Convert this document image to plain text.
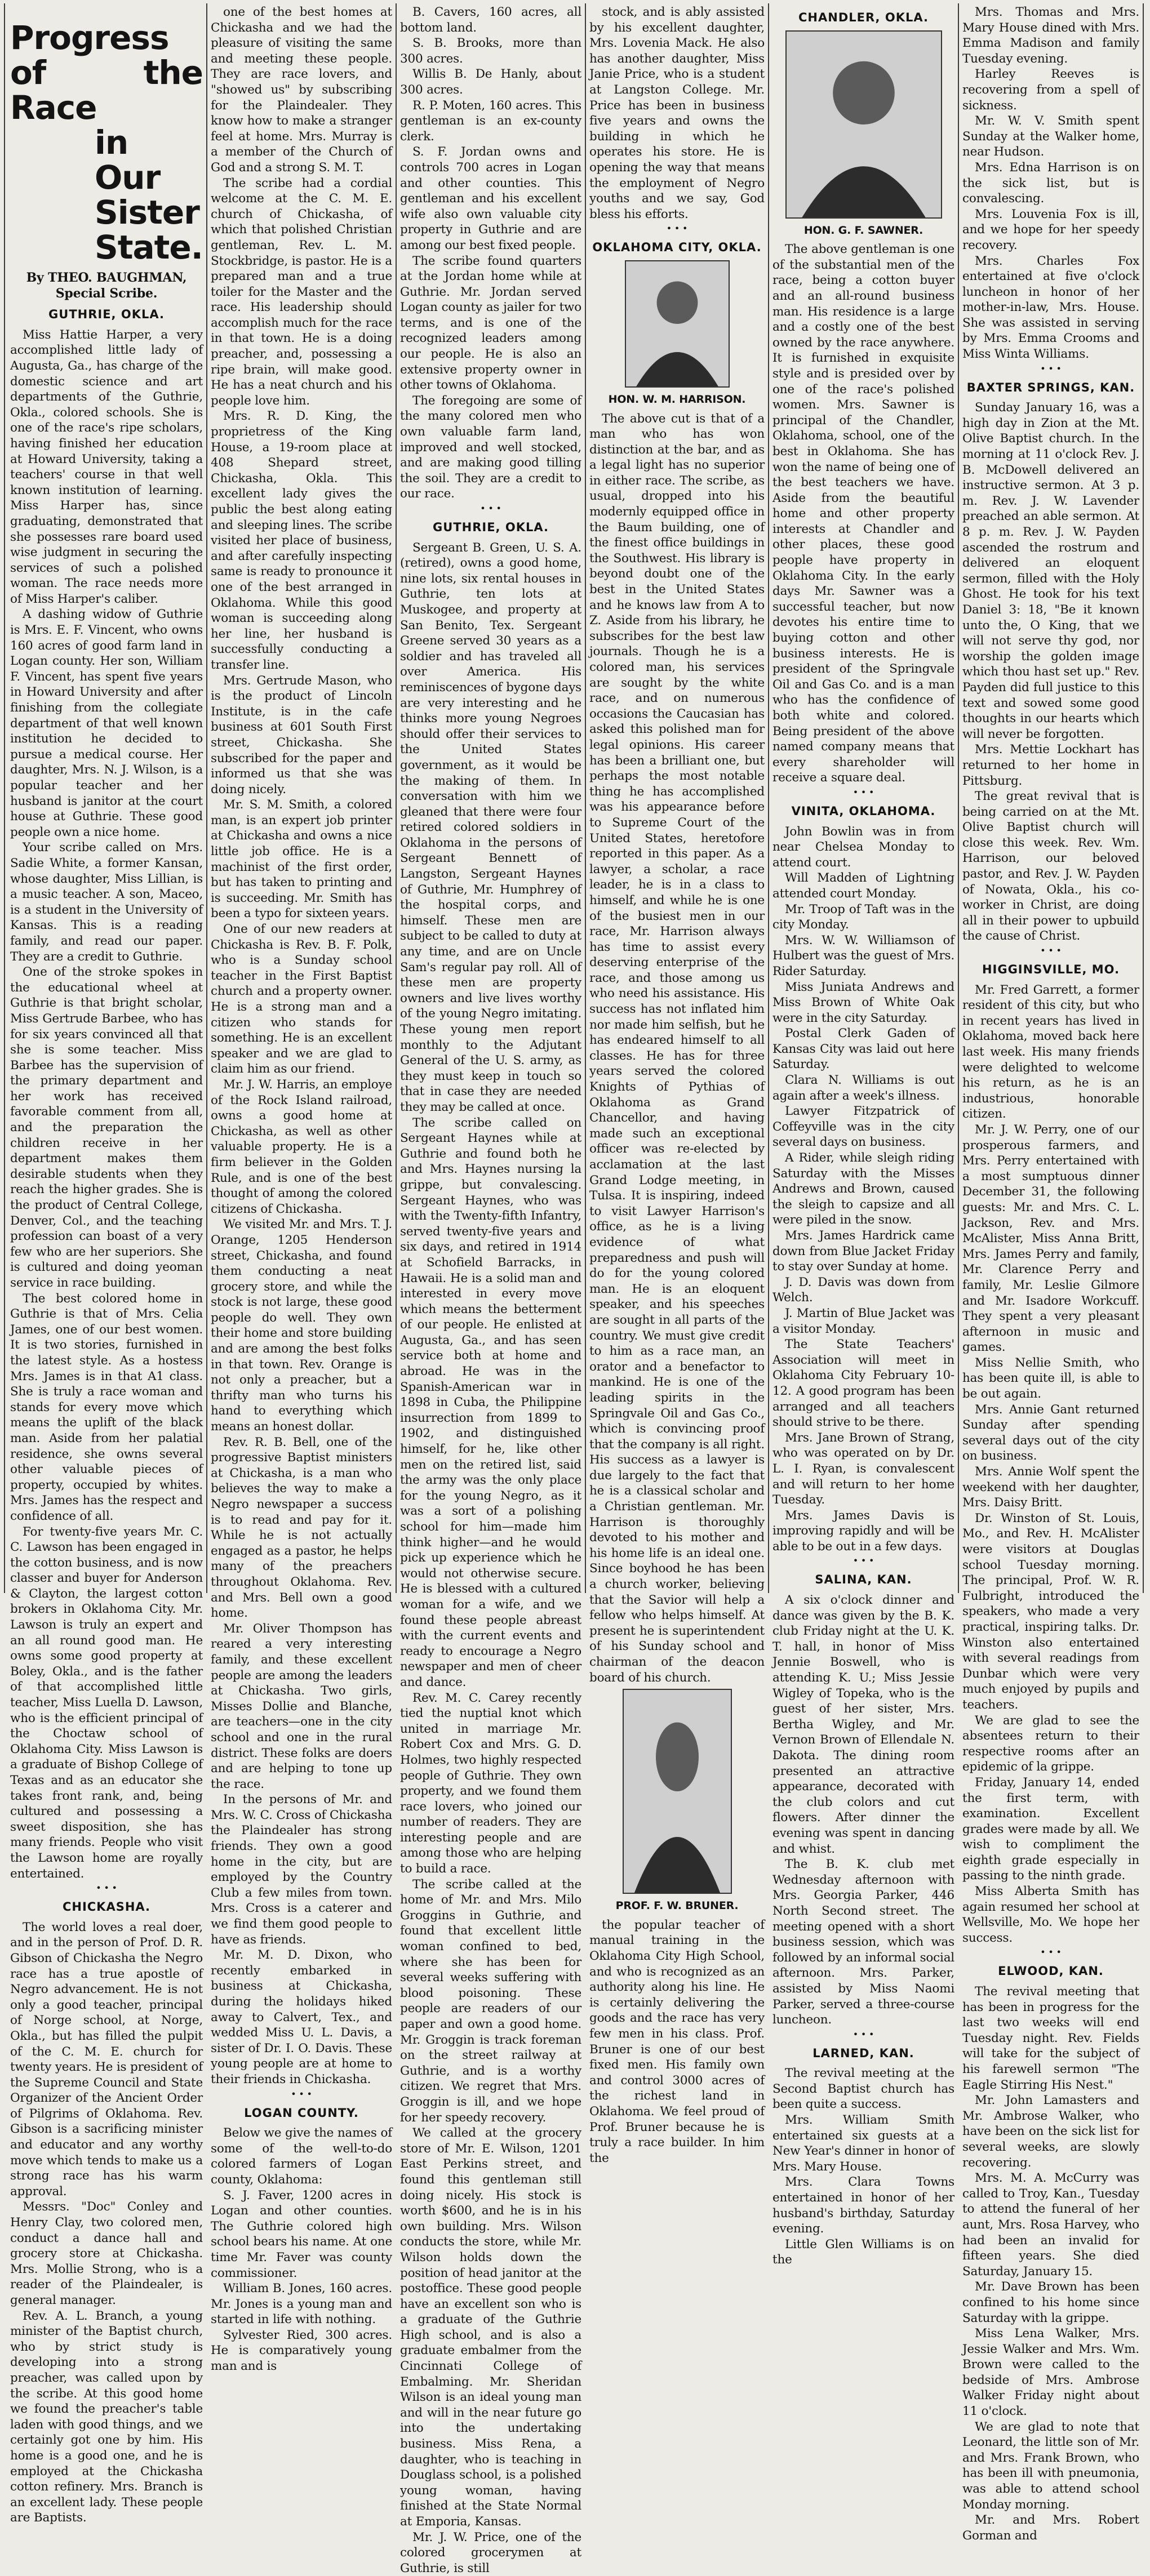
Progress of the Race
in Our Sister State.
By THEO. BAUGHMAN, Special Scribe.
GUTHRIE, OKLA.

Miss Hattie Harper, a very accomplished little lady of Augusta, Ga., has charge of the domestic science and art departments of the Guthrie, Okla., colored schools. She is one of the race's ripe scholars, having finished her education at Howard University, taking a teachers' course in that well known institution of learning. Miss Harper has, since graduating, demonstrated that she possesses rare board used wise judgment in securing the services of such a polished woman. The race needs more of Miss Harper's caliber.

A dashing widow of Guthrie is Mrs. E. F. Vincent, who owns 160 acres of good farm land in Logan county. Her son, William F. Vincent, has spent five years in Howard University and after finishing from the collegiate department of that well known institution he decided to pursue a medical course. Her daughter, Mrs. N. J. Wilson, is a popular teacher and her husband is janitor at the court house at Guthrie. These good people own a nice home.

Your scribe called on Mrs. Sadie White, a former Kansan, whose daughter, Miss Lillian, is a music teacher. A son, Maceo, is a student in the University of Kansas. This is a reading family, and read our paper. They are a credit to Guthrie.

One of the stroke spokes in the educational wheel at Guthrie is that bright scholar, Miss Gertrude Barbee, who has for six years convinced all that she is some teacher. Miss Barbee has the supervision of the primary department and her work has received favorable comment from all, and the preparation the children receive in her department makes them desirable students when they reach the higher grades. She is the product of Central College, Denver, Col., and the teaching profession can boast of a very few who are her superiors. She is cultured and doing yeoman service in race building.

The best colored home in Guthrie is that of Mrs. Celia James, one of our best women. It is two stories, furnished in the latest style. As a hostess Mrs. James is in that A1 class. She is truly a race woman and stands for every move which means the uplift of the black man. Aside from her palatial residence, she owns several other valuable pieces of property, occupied by whites. Mrs. James has the respect and confidence of all.

For twenty-five years Mr. C. C. Lawson has been engaged in the cotton business, and is now classer and buyer for Anderson & Clayton, the largest cotton brokers in Oklahoma City. Mr. Lawson is truly an expert and an all round good man. He owns some good property at Boley, Okla., and is the father of that accomplished little teacher, Miss Luella D. Lawson, who is the efficient principal of the Choctaw school of Oklahoma City. Miss Lawson is a graduate of Bishop College of Texas and as an educator she takes front rank, and, being cultured and possessing a sweet disposition, she has many friends. People who visit the Lawson home are royally entertained.

• • •
CHICKASHA.

The world loves a real doer, and in the person of Prof. D. R. Gibson of Chickasha the Negro race has a true apostle of Negro advancement. He is not only a good teacher, principal of Norge school, at Norge, Okla., but has filled the pulpit of the C. M. E. church for twenty years. He is president of the Supreme Council and State Organizer of the Ancient Order of Pilgrims of Oklahoma. Rev. Gibson is a sacrificing minister and educator and any worthy move which tends to make us a strong race has his warm approval.

Messrs. "Doc" Conley and Henry Clay, two colored men, conduct a dance hall and grocery store at Chickasha. Mrs. Mollie Strong, who is a reader of the Plaindealer, is general manager.

Rev. A. L. Branch, a young minister of the Baptist church, who by strict study is developing into a strong preacher, was called upon by the scribe. At this good home we found the preacher's table laden with good things, and we certainly got one by him. His home is a good one, and he is employed at the Chickasha cotton refinery. Mrs. Branch is an excellent lady. These people are Baptists.

one of the best homes at Chickasha and we had the pleasure of visiting the same and meeting these people. They are race lovers, and "showed us" by subscribing for the Plaindealer. They know how to make a stranger feel at home. Mrs. Murray is a member of the Church of God and a strong S. M. T.

The scribe had a cordial welcome at the C. M. E. church of Chickasha, of which that polished Christian gentleman, Rev. L. M. Stockbridge, is pastor. He is a prepared man and a true toiler for the Master and the race. His leadership should accomplish much for the race in that town. He is a doing preacher, and, possessing a ripe brain, will make good. He has a neat church and his people love him.

Mrs. R. D. King, the proprietress of the King House, a 19-room place at 408 Shepard street, Chickasha, Okla. This excellent lady gives the public the best along eating and sleeping lines. The scribe visited her place of business, and after carefully inspecting same is ready to pronounce it one of the best arranged in Oklahoma. While this good woman is succeeding along her line, her husband is successfully conducting a transfer line.

Mrs. Gertrude Mason, who is the product of Lincoln Institute, is in the cafe business at 601 South First street, Chickasha. She subscribed for the paper and informed us that she was doing nicely.

Mr. S. M. Smith, a colored man, is an expert job printer at Chickasha and owns a nice little job office. He is a machinist of the first order, but has taken to printing and is succeeding. Mr. Smith has been a typo for sixteen years.

One of our new readers at Chickasha is Rev. B. F. Polk, who is a Sunday school teacher in the First Baptist church and a property owner. He is a strong man and a citizen who stands for something. He is an excellent speaker and we are glad to claim him as our friend.

Mr. J. W. Harris, an employe of the Rock Island railroad, owns a good home at Chickasha, as well as other valuable property. He is a firm believer in the Golden Rule, and is one of the best thought of among the colored citizens of Chickasha.

We visited Mr. and Mrs. T. J. Orange, 1205 Henderson street, Chickasha, and found them conducting a neat grocery store, and while the stock is not large, these good people do well. They own their home and store building and are among the best folks in that town. Rev. Orange is not only a preacher, but a thrifty man who turns his hand to everything which means an honest dollar.

Rev. R. B. Bell, one of the progressive Baptist ministers at Chickasha, is a man who believes the way to make a Negro newspaper a success is to read and pay for it. While he is not actually engaged as a pastor, he helps many of the preachers throughout Oklahoma. Rev. and Mrs. Bell own a good home.

Mr. Oliver Thompson has reared a very interesting family, and these excellent people are among the leaders at Chickasha. Two girls, Misses Dollie and Blanche, are teachers—one in the city school and one in the rural district. These folks are doers and are helping to tone up the race.

In the persons of Mr. and Mrs. W. C. Cross of Chickasha the Plaindealer has strong friends. They own a good home in the city, but are employed by the Country Club a few miles from town. Mrs. Cross is a caterer and we find them good people to have as friends.

Mr. M. D. Dixon, who recently embarked in business at Chickasha, during the holidays hiked away to Calvert, Tex., and wedded Miss U. L. Davis, a sister of Dr. I. O. Davis. These young people are at home to their friends in Chickasha.

• • •
LOGAN COUNTY.

Below we give the names of some of the well-to-do colored farmers of Logan county, Oklahoma:

S. J. Faver, 1200 acres in Logan and other counties. The Guthrie colored high school bears his name. At one time Mr. Faver was county commissioner.

William B. Jones, 160 acres. Mr. Jones is a young man and started in life with nothing.

Sylvester Ried, 300 acres. He is comparatively young man and is

B. Cavers, 160 acres, all bottom land.

S. B. Brooks, more than 300 acres.

Willis B. De Hanly, about 300 acres.

R. P. Moten, 160 acres. This gentleman is an ex-county clerk.

S. F. Jordan owns and controls 700 acres in Logan and other counties. This gentleman and his excellent wife also own valuable city property in Guthrie and are among our best fixed people.

The scribe found quarters at the Jordan home while at Guthrie. Mr. Jordan served Logan county as jailer for two terms, and is one of the recognized leaders among our people. He is also an extensive property owner in other towns of Oklahoma.

The foregoing are some of the many colored men who own valuable farm land, improved and well stocked, and are making good tilling the soil. They are a credit to our race.

• • •
GUTHRIE, OKLA.

Sergeant B. Green, U. S. A. (retired), owns a good home, nine lots, six rental houses in Guthrie, ten lots at Muskogee, and property at San Benito, Tex. Sergeant Greene served 30 years as a soldier and has traveled all over America. His reminiscences of bygone days are very interesting and he thinks more young Negroes should offer their services to the United States government, as it would be the making of them. In conversation with him we gleaned that there were four retired colored soldiers in Oklahoma in the persons of Sergeant Bennett of Langston, Sergeant Haynes of Guthrie, Mr. Humphrey of the hospital corps, and himself. These men are subject to be called to duty at any time, and are on Uncle Sam's regular pay roll. All of these men are property owners and live lives worthy of the young Negro imitating. These young men report monthly to the Adjutant General of the U. S. army, as they must keep in touch so that in case they are needed they may be called at once.

The scribe called on Sergeant Haynes while at Guthrie and found both he and Mrs. Haynes nursing la grippe, but convalescing. Sergeant Haynes, who was with the Twenty-fifth Infantry, served twenty-five years and six days, and retired in 1914 at Schofield Barracks, in Hawaii. He is a solid man and interested in every move which means the betterment of our people. He enlisted at Augusta, Ga., and has seen service both at home and abroad. He was in the Spanish-American war in 1898 in Cuba, the Philippine insurrection from 1899 to 1902, and distinguished himself, for he, like other men on the retired list, said the army was the only place for the young Negro, as it was a sort of a polishing school for him—made him think higher—and he would pick up experience which he would not otherwise secure. He is blessed with a cultured woman for a wife, and we found these people abreast with the current events and ready to encourage a Negro newspaper and men of cheer and dance.

Rev. M. C. Carey recently tied the nuptial knot which united in marriage Mr. Robert Cox and Mrs. G. D. Holmes, two highly respected people of Guthrie. They own property, and we found them race lovers, who joined our number of readers. They are interesting people and are among those who are helping to build a race.

The scribe called at the home of Mr. and Mrs. Milo Groggins in Guthrie, and found that excellent little woman confined to bed, where she has been for several weeks suffering with blood poisoning. These people are readers of our paper and own a good home. Mr. Groggin is track foreman on the street railway at Guthrie, and is a worthy citizen. We regret that Mrs. Groggin is ill, and we hope for her speedy recovery.

We called at the grocery store of Mr. E. Wilson, 1201 East Perkins street, and found this gentleman still doing nicely. His stock is worth $600, and he is in his own building. Mrs. Wilson conducts the store, while Mr. Wilson holds down the position of head janitor at the postoffice. These good people have an excellent son who is a graduate of the Guthrie High school, and is also a graduate embalmer from the Cincinnati College of Embalming. Mr. Sheridan Wilson is an ideal young man and will in the near future go into the undertaking business. Miss Rena, a daughter, who is teaching in Douglass school, is a polished young woman, having finished at the State Normal at Emporia, Kansas.

Mr. J. W. Price, one of the colored grocerymen at Guthrie, is still

stock, and is ably assisted by his excellent daughter, Mrs. Lovenia Mack. He also has another daughter, Miss Janie Price, who is a student at Langston College. Mr. Price has been in business five years and owns the building in which he operates his store. He is opening the way that means the employment of Negro youths and we say, God bless his efforts.

• • •
OKLAHOMA CITY, OKLA.
HON. W. M. HARRISON.

The above cut is that of a man who has won distinction at the bar, and as a legal light has no superior in either race. The scribe, as usual, dropped into his modernly equipped office in the Baum building, one of the finest office buildings in the Southwest. His library is beyond doubt one of the best in the United States and he knows law from A to Z. Aside from his library, he subscribes for the best law journals. Though he is a colored man, his services are sought by the white race, and on numerous occasions the Caucasian has asked this polished man for legal opinions. His career has been a brilliant one, but perhaps the most notable thing he has accomplished was his appearance before to Supreme Court of the United States, heretofore reported in this paper. As a lawyer, a scholar, a race leader, he is in a class to himself, and while he is one of the busiest men in our race, Mr. Harrison always has time to assist every deserving enterprise of the race, and those among us who need his assistance. His success has not inflated him nor made him selfish, but he has endeared himself to all classes. He has for three years served the colored Knights of Pythias of Oklahoma as Grand Chancellor, and having made such an exceptional officer was re-elected by acclamation at the last Grand Lodge meeting, in Tulsa. It is inspiring, indeed to visit Lawyer Harrison's office, as he is a living evidence of what preparedness and push will do for the young colored man. He is an eloquent speaker, and his speeches are sought in all parts of the country. We must give credit to him as a race man, an orator and a benefactor to mankind. He is one of the leading spirits in the Springvale Oil and Gas Co., which is convincing proof that the company is all right. His success as a lawyer is due largely to the fact that he is a classical scholar and a Christian gentleman. Mr. Harrison is thoroughly devoted to his mother and his home life is an ideal one. Since boyhood he has been a church worker, believing that the Savior will help a fellow who helps himself. At present he is superintendent of his Sunday school and chairman of the deacon board of his church.

PROF. F. W. BRUNER.

the popular teacher of manual training in the Oklahoma City High School, and who is recognized as an authority along his line. He is certainly delivering the goods and the race has very few men in his class. Prof. Bruner is one of our best fixed men. His family own and control 3000 acres of the richest land in Oklahoma. We feel proud of Prof. Bruner because he is truly a race builder. In him the

CHANDLER, OKLA.
HON. G. F. SAWNER.

The above gentleman is one of the substantial men of the race, being a cotton buyer and an all-round business man. His residence is a large and a costly one of the best owned by the race anywhere. It is furnished in exquisite style and is presided over by one of the race's polished women. Mrs. Sawner is principal of the Chandler, Oklahoma, school, one of the best in Oklahoma. She has won the name of being one of the best teachers we have. Aside from the beautiful home and other property interests at Chandler and other places, these good people have property in Oklahoma City. In the early days Mr. Sawner was a successful teacher, but now devotes his entire time to buying cotton and other business interests. He is president of the Springvale Oil and Gas Co. and is a man who has the confidence of both white and colored. Being president of the above named company means that every shareholder will receive a square deal.

• • •
VINITA, OKLAHOMA.

John Bowlin was in from near Chelsea Monday to attend court.

Will Madden of Lightning attended court Monday.

Mr. Troop of Taft was in the city Monday.

Mrs. W. W. Williamson of Hulbert was the guest of Mrs. Rider Saturday.

Miss Juniata Andrews and Miss Brown of White Oak were in the city Saturday.

Postal Clerk Gaden of Kansas City was laid out here Saturday.

Clara N. Williams is out again after a week's illness.

Lawyer Fitzpatrick of Coffeyville was in the city several days on business.

A Rider, while sleigh riding Saturday with the Misses Andrews and Brown, caused the sleigh to capsize and all were piled in the snow.

Mrs. James Hardrick came down from Blue Jacket Friday to stay over Sunday at home.

J. D. Davis was down from Welch.

J. Martin of Blue Jacket was a visitor Monday.

The State Teachers' Association will meet in Oklahoma City February 10-12. A good program has been arranged and all teachers should strive to be there.

Mrs. Jane Brown of Strang, who was operated on by Dr. L. I. Ryan, is convalescent and will return to her home Tuesday.

Mrs. James Davis is improving rapidly and will be able to be out in a few days.

• • •
SALINA, KAN.

A six o'clock dinner and dance was given by the B. K. club Friday night at the U. K. T. hall, in honor of Miss Jennie Boswell, who is attending K. U.; Miss Jessie Wigley of Topeka, who is the guest of her sister, Mrs. Bertha Wigley, and Mr. Vernon Brown of Ellendale N. Dakota. The dining room presented an attractive appearance, decorated with the club colors and cut flowers. After dinner the evening was spent in dancing and whist.

The B. K. club met Wednesday afternoon with Mrs. Georgia Parker, 446 North Second street. The meeting opened with a short business session, which was followed by an informal social afternoon. Mrs. Parker, assisted by Miss Naomi Parker, served a three-course luncheon.

• • •
LARNED, KAN.

The revival meeting at the Second Baptist church has been quite a success.

Mrs. William Smith entertained six guests at a New Year's dinner in honor of Mrs. Mary House.

Mrs. Clara Towns entertained in honor of her husband's birthday, Saturday evening.

Little Glen Williams is on the

Mrs. Thomas and Mrs. Mary House dined with Mrs. Emma Madison and family Tuesday evening.

Harley Reeves is recovering from a spell of sickness.

Mr. W. V. Smith spent Sunday at the Walker home, near Hudson.

Mrs. Edna Harrison is on the sick list, but is convalescing.

Mrs. Louvenia Fox is ill, and we hope for her speedy recovery.

Mrs. Charles Fox entertained at five o'clock luncheon in honor of her mother-in-law, Mrs. House. She was assisted in serving by Mrs. Emma Crooms and Miss Winta Williams.

• • •
BAXTER SPRINGS, KAN.

Sunday January 16, was a high day in Zion at the Mt. Olive Baptist church. In the morning at 11 o'clock Rev. J. B. McDowell delivered an instructive sermon. At 3 p. m. Rev. J. W. Lavender preached an able sermon. At 8 p. m. Rev. J. W. Payden ascended the rostrum and delivered an eloquent sermon, filled with the Holy Ghost. He took for his text Daniel 3: 18, "Be it known unto the, O King, that we will not serve thy god, nor worship the golden image which thou hast set up." Rev. Payden did full justice to this text and sowed some good thoughts in our hearts which will never be forgotten.

Mrs. Mettie Lockhart has returned to her home in Pittsburg.

The great revival that is being carried on at the Mt. Olive Baptist church will close this week. Rev. Wm. Harrison, our beloved pastor, and Rev. J. W. Payden of Nowata, Okla., his co-worker in Christ, are doing all in their power to upbuild the cause of Christ.

• • •
HIGGINSVILLE, MO.

Mr. Fred Garrett, a former resident of this city, but who in recent years has lived in Oklahoma, moved back here last week. His many friends were delighted to welcome his return, as he is an industrious, honorable citizen.

Mr. J. W. Perry, one of our prosperous farmers, and Mrs. Perry entertained with a most sumptuous dinner December 31, the following guests: Mr. and Mrs. C. L. Jackson, Rev. and Mrs. McAlister, Miss Anna Britt, Mrs. James Perry and family, Mr. Clarence Perry and family, Mr. Leslie Gilmore and Mr. Isadore Workcuff. They spent a very pleasant afternoon in music and games.

Miss Nellie Smith, who has been quite ill, is able to be out again.

Mrs. Annie Gant returned Sunday after spending several days out of the city on business.

Mrs. Annie Wolf spent the weekend with her daughter, Mrs. Daisy Britt.

Dr. Winston of St. Louis, Mo., and Rev. H. McAlister were visitors at Douglas school Tuesday morning. The principal, Prof. W. R. Fulbright, introduced the speakers, who made a very practical, inspiring talks. Dr. Winston also entertained with several readings from Dunbar which were very much enjoyed by pupils and teachers.

We are glad to see the absentees return to their respective rooms after an epidemic of la grippe.

Friday, January 14, ended the first term, with examination. Excellent grades were made by all. We wish to compliment the eighth grade especially in passing to the ninth grade.

Miss Alberta Smith has again resumed her school at Wellsville, Mo. We hope her success.

• • •
ELWOOD, KAN.

The revival meeting that has been in progress for the last two weeks will end Tuesday night. Rev. Fields will take for the subject of his farewell sermon "The Eagle Stirring His Nest."

Mr. John Lamasters and Mr. Ambrose Walker, who have been on the sick list for several weeks, are slowly recovering.

Mrs. M. A. McCurry was called to Troy, Kan., Tuesday to attend the funeral of her aunt, Mrs. Rosa Harvey, who had been an invalid for fifteen years. She died Saturday, January 15.

Mr. Dave Brown has been confined to his home since Saturday with la grippe.

Miss Lena Walker, Mrs. Jessie Walker and Mrs. Wm. Brown were called to the bedside of Mrs. Ambrose Walker Friday night about 11 o'clock.

We are glad to note that Leonard, the little son of Mr. and Mrs. Frank Brown, who has been ill with pneumonia, was able to attend school Monday morning.

Mr. and Mrs. Robert Gorman and
